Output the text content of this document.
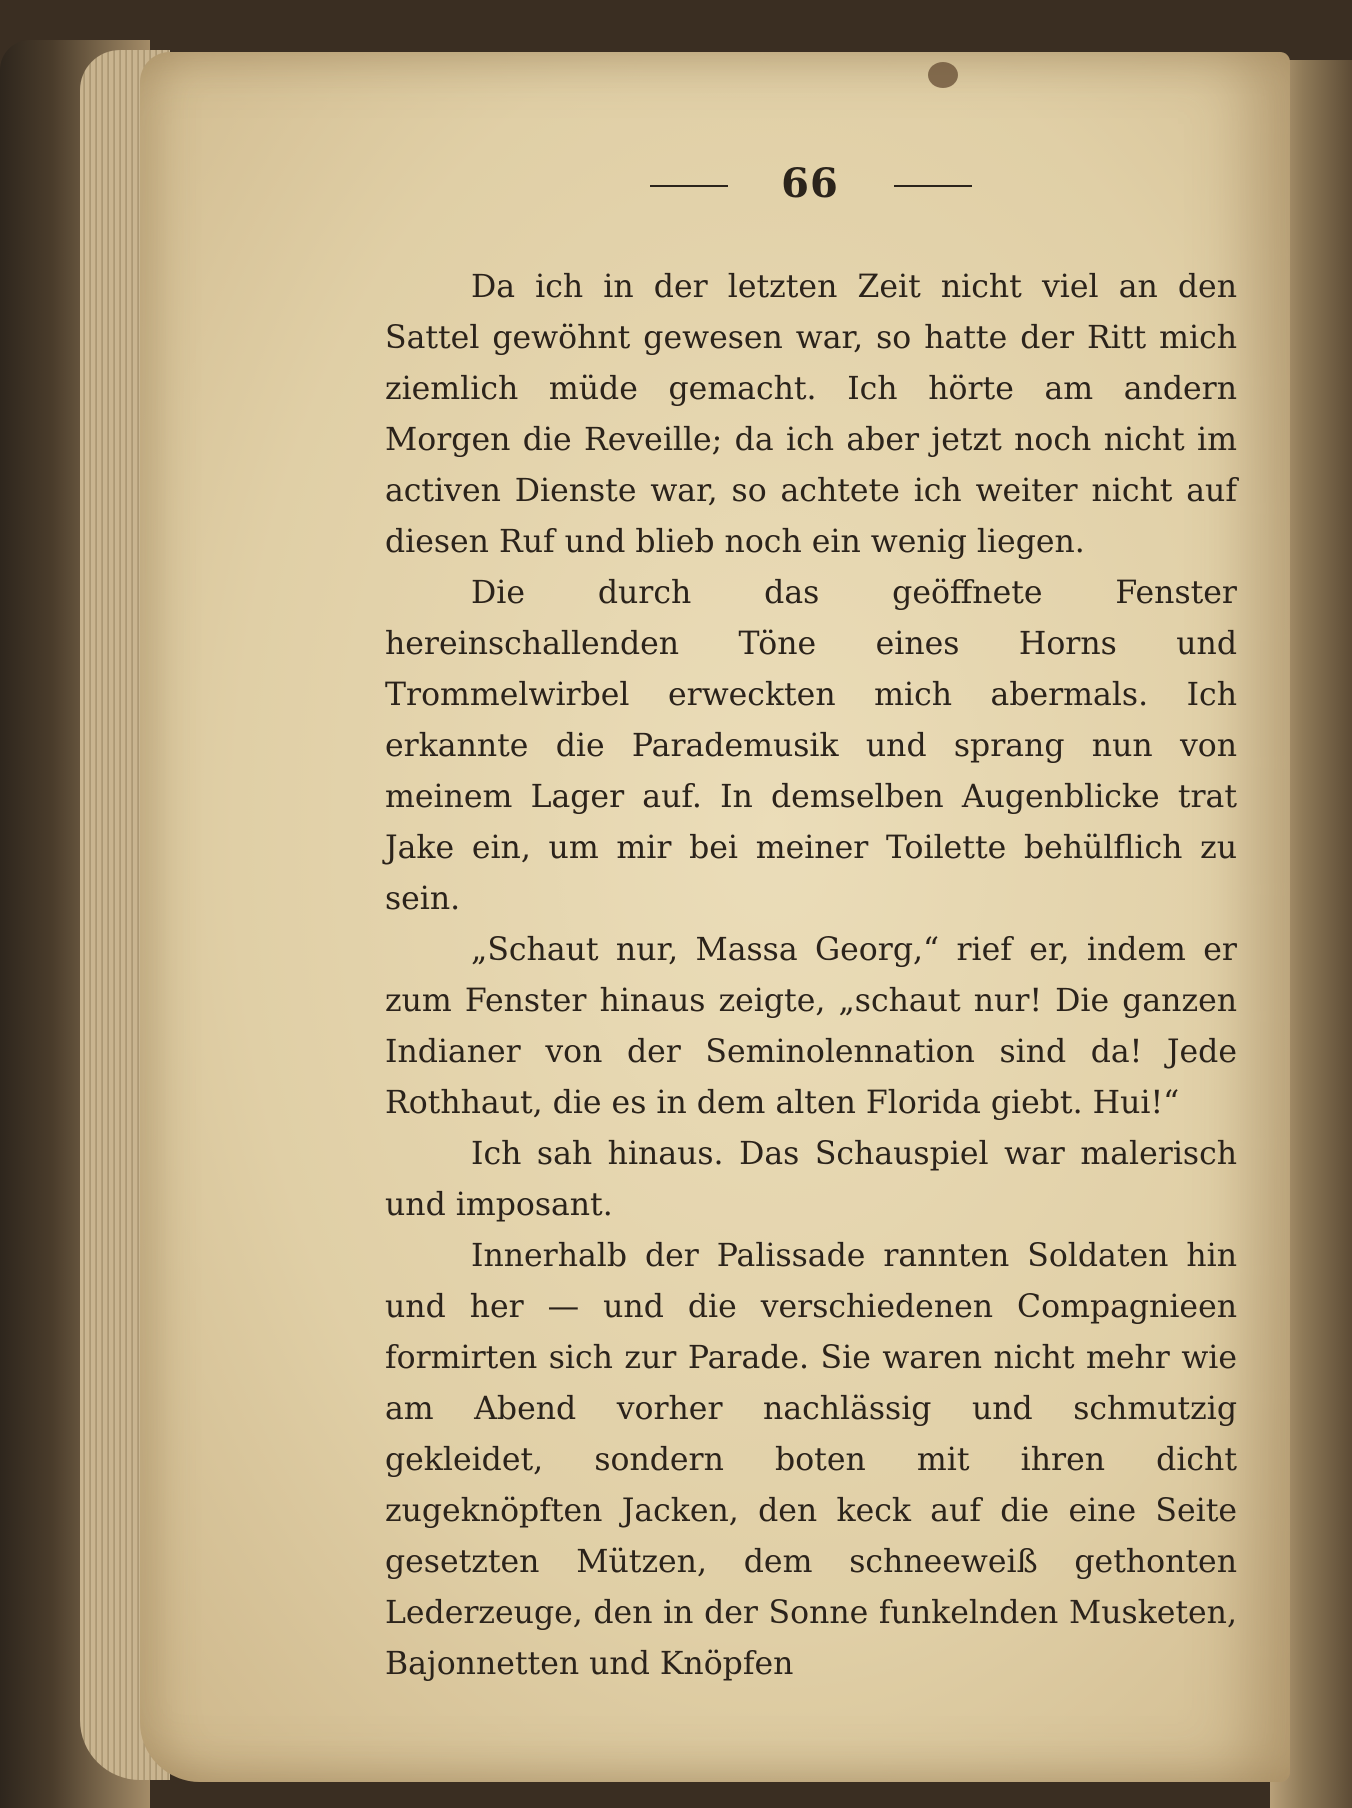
66

Da ich in der letzten Zeit nicht viel an den Sattel gewöhnt gewesen war, so hatte der Ritt mich ziemlich müde gemacht. Ich hörte am andern Morgen die Reveille; da ich aber jetzt noch nicht im activen Dienste war, so achtete ich weiter nicht auf diesen Ruf und blieb noch ein wenig liegen.

Die durch das geöffnete Fenster hereinschallenden Töne eines Horns und Trommelwirbel erweckten mich abermals. Ich erkannte die Parademusik und sprang nun von meinem Lager auf. In demselben Augenblicke trat Jake ein, um mir bei meiner Toilette behülflich zu sein.

„Schaut nur, Massa Georg,“ rief er, indem er zum Fenster hinaus zeigte, „schaut nur! Die ganzen Indianer von der Seminolennation sind da! Jede Rothhaut, die es in dem alten Florida giebt. Hui!“

Ich sah hinaus. Das Schauspiel war malerisch und imposant.

Innerhalb der Palissade rannten Soldaten hin und her — und die verschiedenen Compagnieen formirten sich zur Parade. Sie waren nicht mehr wie am Abend vorher nachlässig und schmutzig gekleidet, sondern boten mit ihren dicht zugeknöpften Jacken, den keck auf die eine Seite gesetzten Mützen, dem schneeweiß gethonten Lederzeuge, den in der Sonne funkelnden Musketen, Bajonnetten und Knöpfen
